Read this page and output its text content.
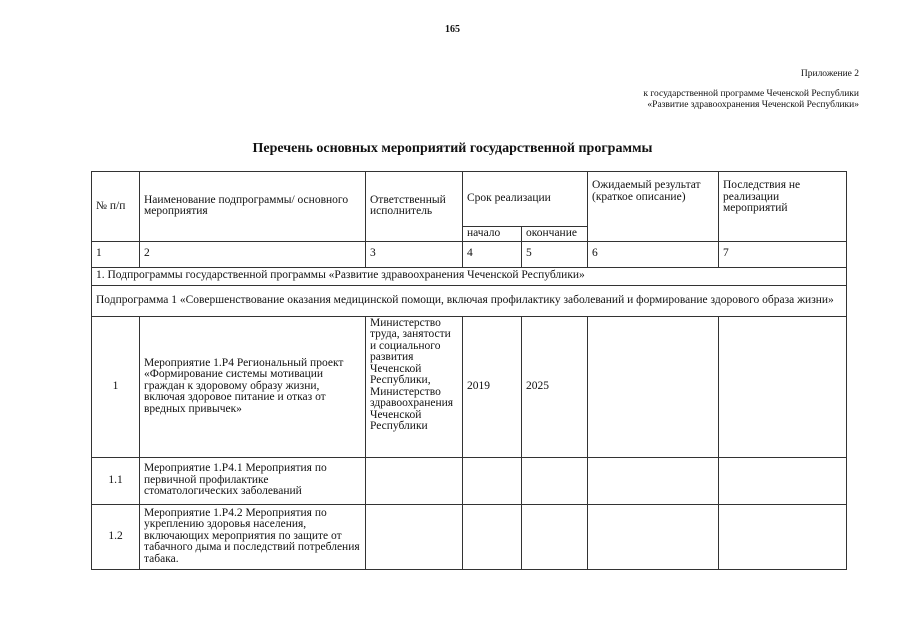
165
Приложение 2
к государственной программе Чеченской Республики
«Развитие здравоохранения Чеченской Республики»
Перечень основных мероприятий государственной программы
№ п/п	Наименование подпрограммы/ основного мероприятия	Ответственный исполнитель	Срок реализации		Ожидаемый результат (краткое описание)	Последствия не реализации мероприятий
			начало	окончание		
1	2	3	4	5	6	7
1. Подпрограммы государственной программы «Развитие здравоохранения Чеченской Республики»						
Подпрограмма 1 «Совершенствование оказания медицинской помощи, включая профилактику заболеваний и формирование здорового образа жизни»						
1	Мероприятие 1.Р4 Региональный проект «Формирование системы мотивации граждан к здоровому образу жизни, включая здоровое питание и отказ от вредных привычек»	Министерство труда, занятости и социального развития Чеченской Республики, Министерство здравоохранения Чеченской Республики	2019	2025		
1.1	Мероприятие 1.Р4.1 Мероприятия по первичной профилактике стоматологических заболеваний					
1.2	Мероприятие 1.Р4.2 Мероприятия по укреплению здоровья населения, включающих мероприятия по защите от табачного дыма и последствий потребления табака.					
